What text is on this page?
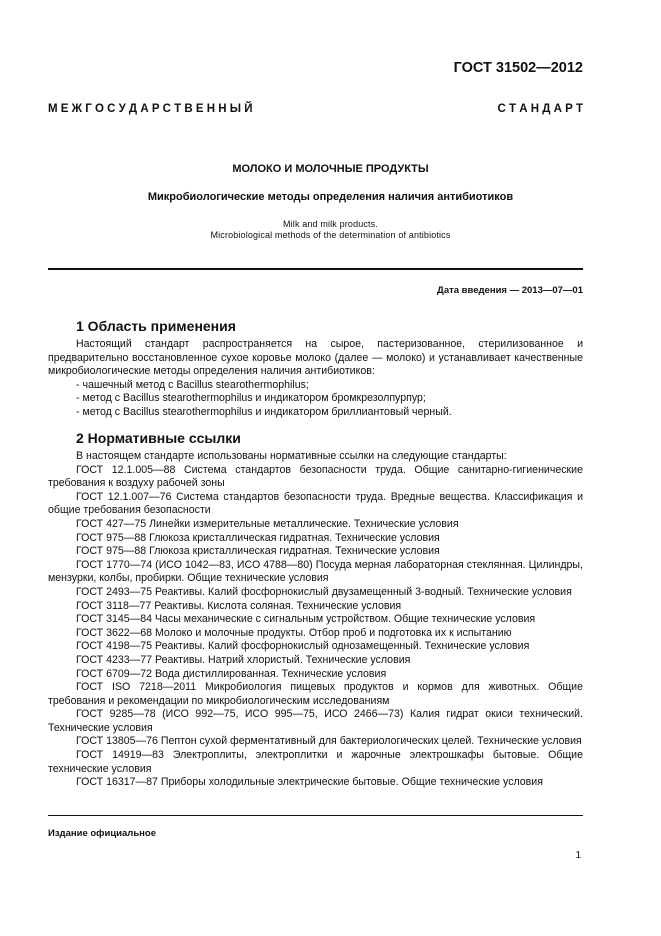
ГОСТ 31502—2012
М Е Ж Г О С У Д А Р С Т В Е Н Н Ы Й	С Т А Н Д А Р Т
МОЛОКО И МОЛОЧНЫЕ ПРОДУКТЫ
Микробиологические методы определения наличия антибиотиков
Milk and milk products.
Microbiological methods of the determination of antibiotics
Дата введения — 2013—07—01
1 Область применения

Настоящий стандарт распространяется на сырое, пастеризованное, стерилизованное и предварительно восстановленное сухое коровье молоко (далее — молоко) и устанавливает качественные микробиологические методы определения наличия антибиотиков:

- чашечный метод с Bacillus stearothermophilus;

- метод с Bacillus stearothermophilus и индикатором бромкрезолпурпур;

- метод с Bacillus stearothermophilus и индикатором бриллиантовый черный.

2 Нормативные ссылки

В настоящем стандарте использованы нормативные ссылки на следующие стандарты:

ГОСТ 12.1.005—88 Система стандартов безопасности труда. Общие санитарно-гигиенические требования к воздуху рабочей зоны

ГОСТ 12.1.007—76 Система стандартов безопасности труда. Вредные вещества. Классификация и общие требования безопасности

ГОСТ 427—75 Линейки измерительные металлические. Технические условия

ГОСТ 975—88 Глюкоза кристаллическая гидратная. Технические условия

ГОСТ 975—88 Глюкоза кристаллическая гидратная. Технические условия

ГОСТ 1770—74 (ИСО 1042—83, ИСО 4788—80) Посуда мерная лабораторная стеклянная. Цилиндры, мензурки, колбы, пробирки. Общие технические условия

ГОСТ 2493—75 Реактивы. Калий фосфорнокислый двузамещенный 3-водный. Технические условия

ГОСТ 3118—77 Реактивы. Кислота соляная. Технические условия

ГОСТ 3145—84 Часы механические с сигнальным устройством. Общие технические условия

ГОСТ 3622—68 Молоко и молочные продукты. Отбор проб и подготовка их к испытанию

ГОСТ 4198—75 Реактивы. Калий фосфорнокислый однозамещенный. Технические условия

ГОСТ 4233—77 Реактивы. Натрий хлористый. Технические условия

ГОСТ 6709—72 Вода дистиллированная. Технические условия

ГОСТ ISO 7218—2011 Микробиология пищевых продуктов и кормов для животных. Общие требования и рекомендации по микробиологическим исследованиям

ГОСТ 9285—78 (ИСО 992—75, ИСО 995—75, ИСО 2466—73) Калия гидрат окиси технический. Технические условия

ГОСТ 13805—76 Пептон сухой ферментативный для бактериологических целей. Технические условия

ГОСТ 14919—83 Электроплиты, электроплитки и жарочные электрошкафы бытовые. Общие технические условия

ГОСТ 16317—87 Приборы холодильные электрические бытовые. Общие технические условия

Издание официальное
1
